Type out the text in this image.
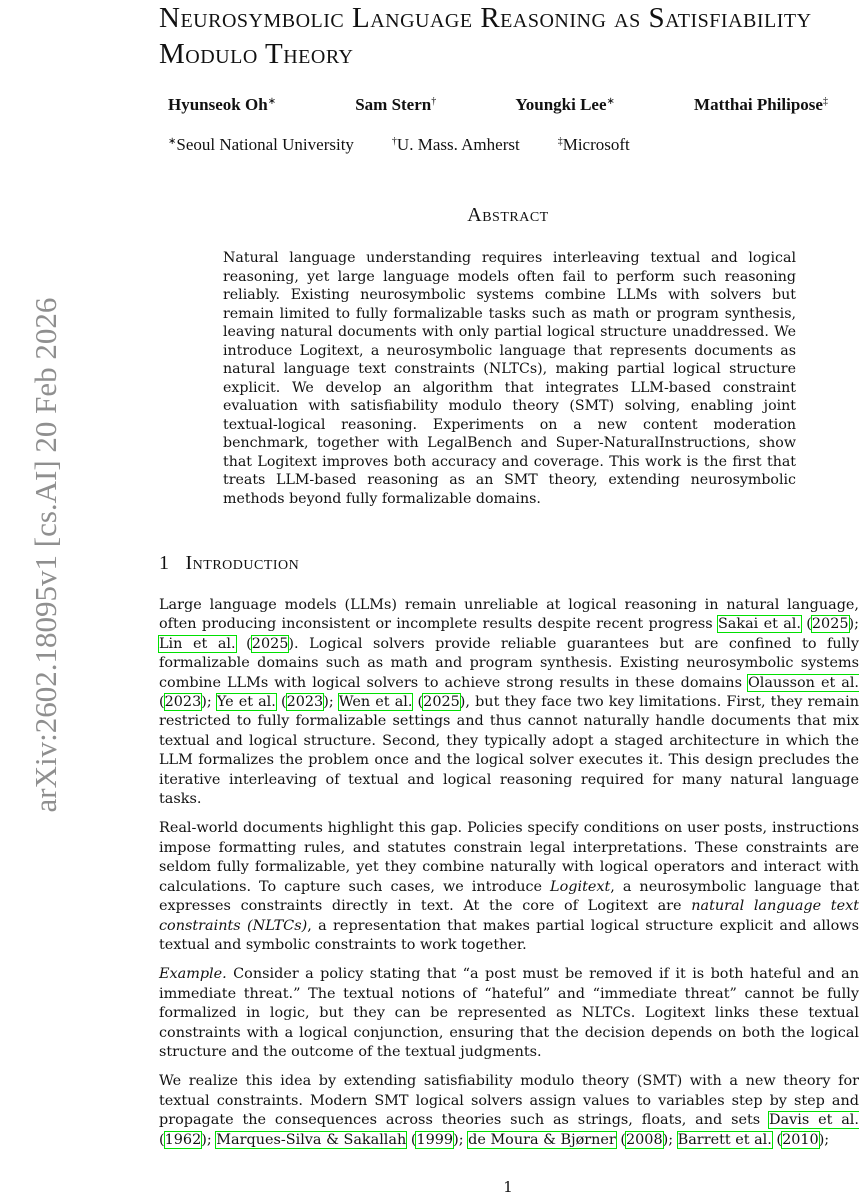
arXiv:2602.18095v1 [cs.AI] 20 Feb 2026
Neurosymbolic Language Reasoning as Satisfiability Modulo Theory
Hyunseok Oh∗	Sam Stern†	Youngki Lee∗	Matthai Philipose‡
∗Seoul National University	†U. Mass. Amherst	‡Microsoft
Abstract

Natural language understanding requires interleaving textual and logical reasoning, yet large language models often fail to perform such reasoning reliably. Existing neurosymbolic systems combine LLMs with solvers but remain limited to fully formalizable tasks such as math or program synthesis, leaving natural documents with only partial logical structure unaddressed. We introduce Logitext, a neurosymbolic language that represents documents as natural language text constraints (NLTCs), making partial logical structure explicit. We develop an algorithm that integrates LLM-based constraint evaluation with satisfiability modulo theory (SMT) solving, enabling joint textual-logical reasoning. Experiments on a new content moderation benchmark, together with LegalBench and Super-NaturalInstructions, show that Logitext improves both accuracy and coverage. This work is the first that treats LLM-based reasoning as an SMT theory, extending neurosymbolic methods beyond fully formalizable domains.

1 Introduction

Large language models (LLMs) remain unreliable at logical reasoning in natural language, often producing inconsistent or incomplete results despite recent progress Sakai et al. (2025); Lin et al. (2025). Logical solvers provide reliable guarantees but are confined to fully formalizable domains such as math and program synthesis. Existing neurosymbolic systems combine LLMs with logical solvers to achieve strong results in these domains Olausson et al. (2023); Ye et al. (2023); Wen et al. (2025), but they face two key limitations. First, they remain restricted to fully formalizable settings and thus cannot naturally handle documents that mix textual and logical structure. Second, they typically adopt a staged architecture in which the LLM formalizes the problem once and the logical solver executes it. This design precludes the iterative interleaving of textual and logical reasoning required for many natural language tasks.

Real-world documents highlight this gap. Policies specify conditions on user posts, instructions impose formatting rules, and statutes constrain legal interpretations. These constraints are seldom fully formalizable, yet they combine naturally with logical operators and interact with calculations. To capture such cases, we introduce Logitext, a neurosymbolic language that expresses constraints directly in text. At the core of Logitext are natural language text constraints (NLTCs), a representation that makes partial logical structure explicit and allows textual and symbolic constraints to work together.

Example. Consider a policy stating that “a post must be removed if it is both hateful and an immediate threat.” The textual notions of “hateful” and “immediate threat” cannot be fully formalized in logic, but they can be represented as NLTCs. Logitext links these textual constraints with a logical conjunction, ensuring that the decision depends on both the logical structure and the outcome of the textual judgments.

We realize this idea by extending satisfiability modulo theory (SMT) with a new theory for textual constraints. Modern SMT logical solvers assign values to variables step by step and propagate the consequences across theories such as strings, floats, and sets Davis et al. (1962); Marques-Silva & Sakallah (1999); de Moura & Bjørner (2008); Barrett et al. (2010);

1
